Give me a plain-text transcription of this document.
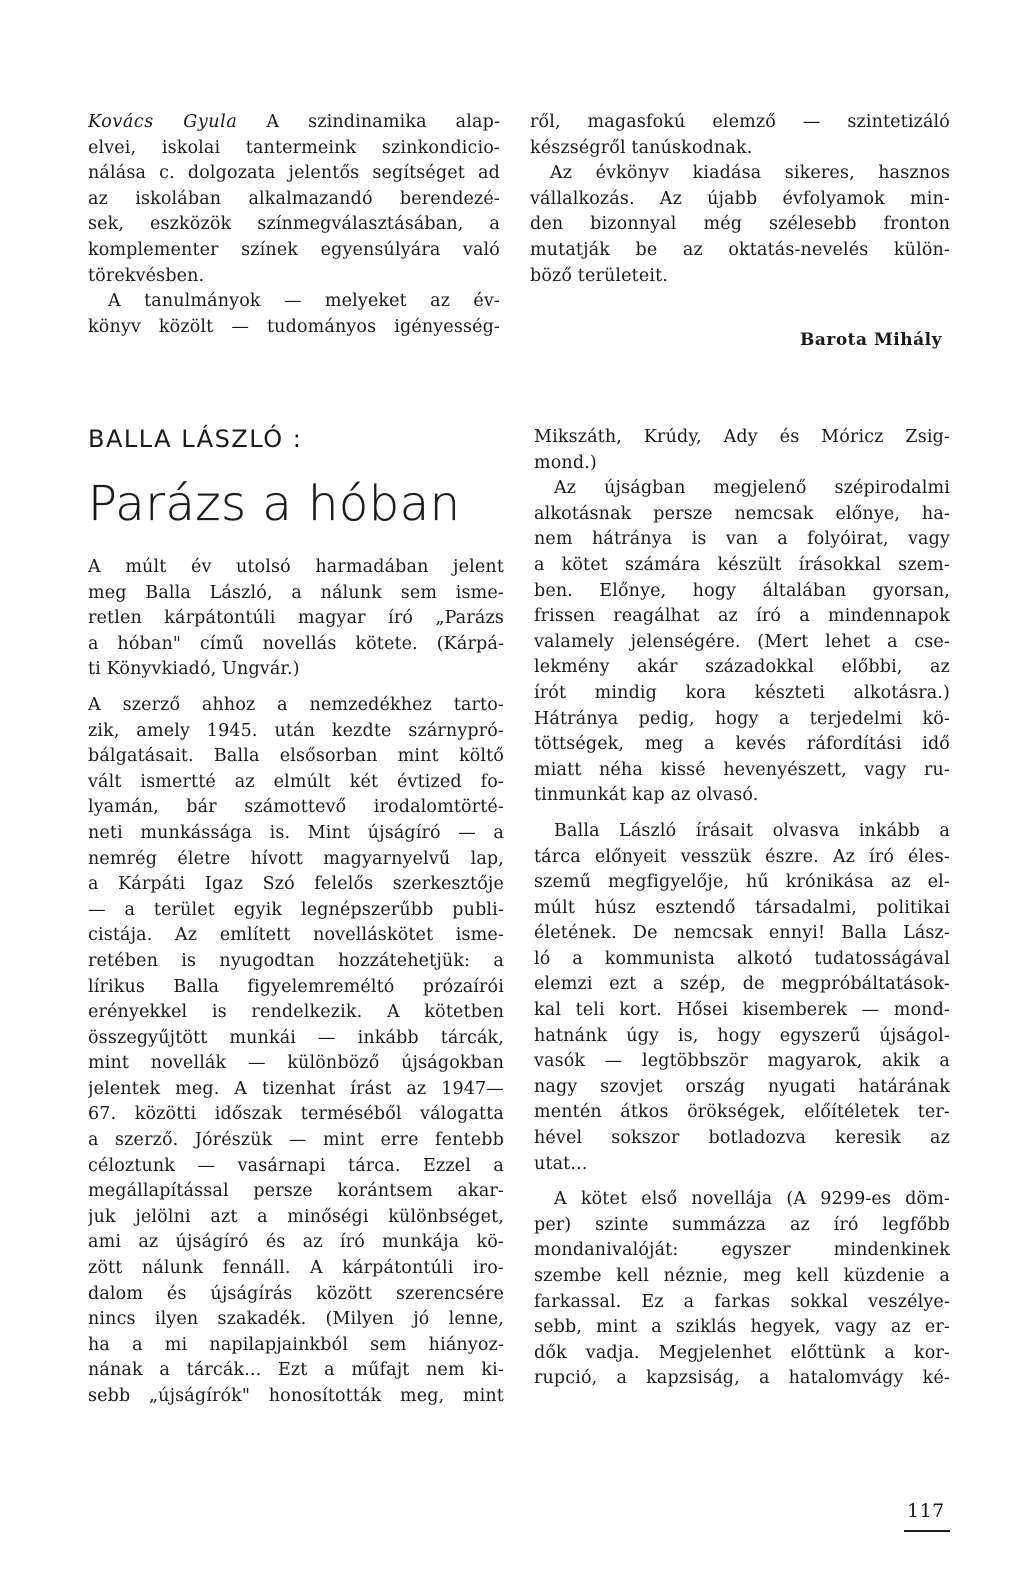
Kovács Gyula A szindinamika alap-
elvei, iskolai tantermeink szinkondicio-
nálása c. dolgozata jelentős segítséget ad
az iskolában alkalmazandó berendezé-
sek, eszközök színmegválasztásában, a
komplementer színek egyensúlyára való
törekvésben.
A tanulmányok — melyeket az év-
könyv közölt — tudományos igényesség-
ről, magasfokú elemző — szintetizáló
készségről tanúskodnak.
Az évkönyv kiadása sikeres, hasznos
vállalkozás. Az újabb évfolyamok min-
den bizonnyal még szélesebb fronton
mutatják be az oktatás-nevelés külön-
böző területeit.
Barota Mihály
BALLA LÁSZLÓ :
Parázs a hóban
A múlt év utolsó harmadában jelent
meg Balla László, a nálunk sem isme-
retlen kárpátontúli magyar író „Parázs
a hóban" című novellás kötete. (Kárpá-
ti Könyvkiadó, Ungvár.)
A szerző ahhoz a nemzedékhez tarto-
zik, amely 1945. után kezdte szárnypró-
bálgatásait. Balla elsősorban mint költő
vált ismertté az elmúlt két évtized fo-
lyamán, bár számottevő irodalomtörté-
neti munkássága is. Mint újságíró — a
nemrég életre hívott magyarnyelvű lap,
a Kárpáti Igaz Szó felelős szerkesztője
— a terület egyik legnépszerűbb publi-
cistája. Az említett novelláskötet isme-
retében is nyugodtan hozzátehetjük: a
lírikus Balla figyelemreméltó prózaírói
erényekkel is rendelkezik. A kötetben
összegyűjtött munkái — inkább tárcák,
mint novellák — különböző újságokban
jelentek meg. A tizenhat írást az 1947—
67. közötti időszak terméséből válogatta
a szerző. Jórészük — mint erre fentebb
céloztunk — vasárnapi tárca. Ezzel a
megállapítással persze korántsem akar-
juk jelölni azt a minőségi különbséget,
ami az újságíró és az író munkája kö-
zött nálunk fennáll. A kárpátontúli iro-
dalom és újságírás között szerencsére
nincs ilyen szakadék. (Milyen jó lenne,
ha a mi napilapjainkból sem hiányoz-
nának a tárcák... Ezt a műfajt nem ki-
sebb „újságírók" honosították meg, mint
Mikszáth, Krúdy, Ady és Móricz Zsig-
mond.)
Az újságban megjelenő szépirodalmi
alkotásnak persze nemcsak előnye, ha-
nem hátránya is van a folyóirat, vagy
a kötet számára készült írásokkal szem-
ben. Előnye, hogy általában gyorsan,
frissen reagálhat az író a mindennapok
valamely jelenségére. (Mert lehet a cse-
lekmény akár századokkal előbbi, az
írót mindig kora készteti alkotásra.)
Hátránya pedig, hogy a terjedelmi kö-
töttségek, meg a kevés ráfordítási idő
miatt néha kissé hevenyészett, vagy ru-
tinmunkát kap az olvasó.
Balla László írásait olvasva inkább a
tárca előnyeit vesszük észre. Az író éles-
szemű megfigyelője, hű krónikása az el-
múlt húsz esztendő társadalmi, politikai
életének. De nemcsak ennyi! Balla Lász-
ló a kommunista alkotó tudatosságával
elemzi ezt a szép, de megpróbáltatások-
kal teli kort. Hősei kisemberek — mond-
hatnánk úgy is, hogy egyszerű újságol-
vasók — legtöbbször magyarok, akik a
nagy szovjet ország nyugati határának
mentén átkos örökségek, előítéletek ter-
hével sokszor botladozva keresik az
utat...
A kötet első novellája (A 9299-es döm-
per) szinte summázza az író legfőbb
mondanivalóját: egyszer mindenkinek
szembe kell néznie, meg kell küzdenie a
farkassal. Ez a farkas sokkal veszélye-
sebb, mint a sziklás hegyek, vagy az er-
dők vadja. Megjelenhet előttünk a kor-
rupció, a kapzsiság, a hatalomvágy ké-
117
